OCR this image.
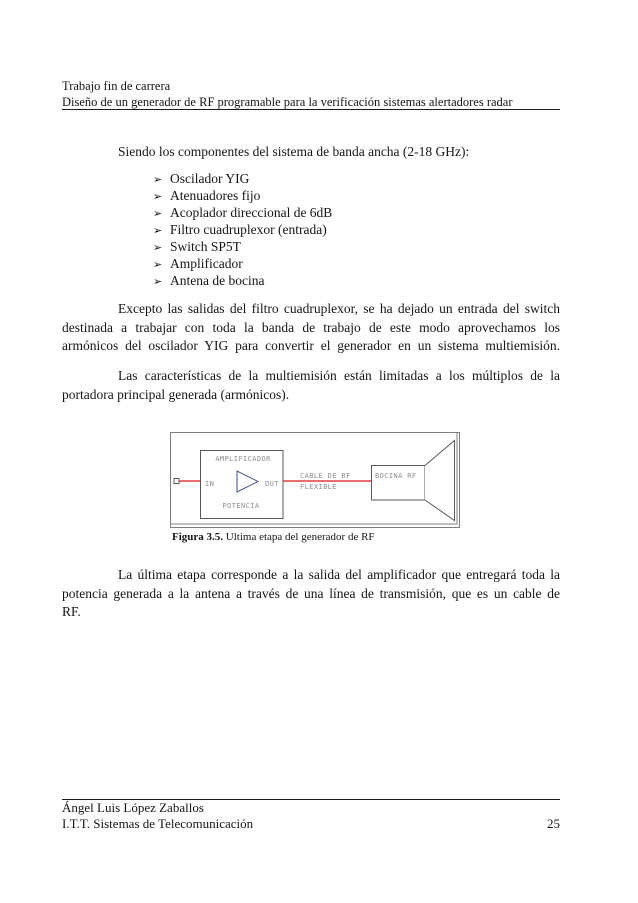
Trabajo fin de carrera
Diseño de un generador de RF programable para la verificación sistemas alertadores radar
Siendo los componentes del sistema de banda ancha (2-18 GHz):
➢ Oscilador YIG
➢ Atenuadores fijo
➢ Acoplador direccional de 6dB
➢ Filtro cuadruplexor (entrada)
➢ Switch SP5T
➢ Amplificador
➢ Antena de bocina
Excepto las salidas del filtro cuadruplexor, se ha dejado un entrada del switch
destinada a trabajar con toda la banda de trabajo de este modo aprovechamos los
armónicos del oscilador YIG para convertir el generador en un sistema multiemisión.
Las características de la multiemisión están limitadas a los múltiplos de la
portadora principal generada (armónicos).
AMPLIFICADOR
IN	OUT
POTENCIA
CABLE DE RF
FLEXIBLE
BOCINA RF
Figura 3.5. Ultima etapa del generador de RF
La última etapa corresponde a la salida del amplificador que entregará toda la
potencia generada a la antena a través de una línea de transmisión, que es un cable de
RF.
Ángel Luis López Zaballos
I.T.T. Sistemas de Telecomunicación	25
